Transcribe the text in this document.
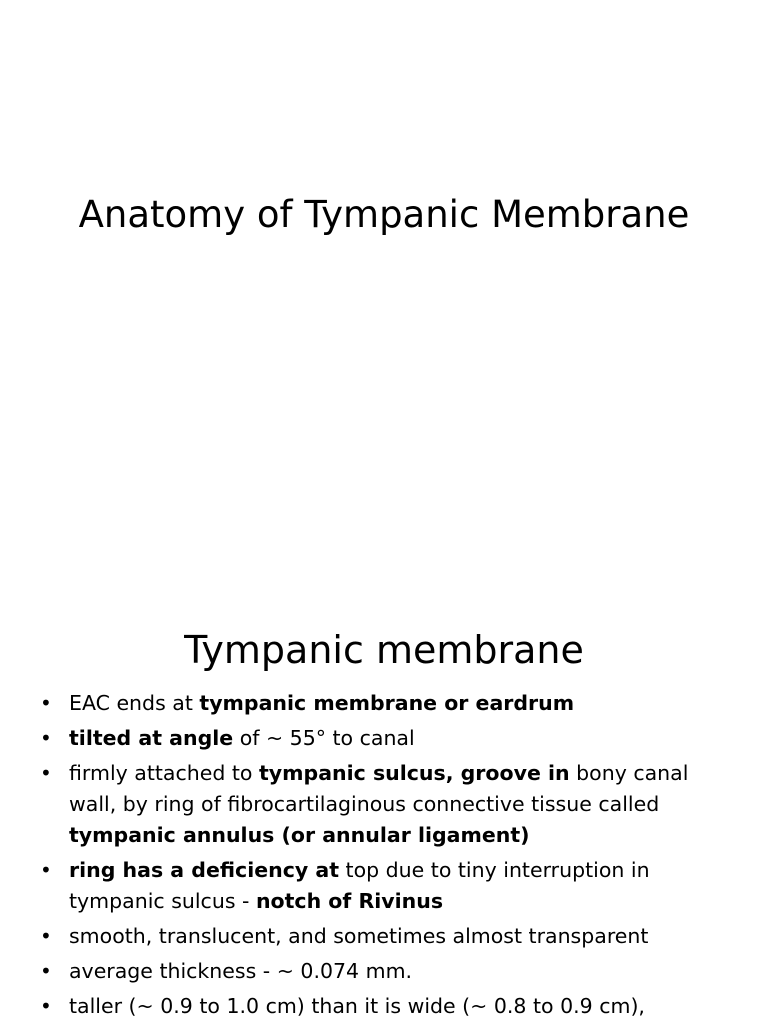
Anatomy of Tympanic Membrane
Tympanic membrane
• EAC ends at tympanic membrane or eardrum
• tilted at angle of ~ 55° to canal
• firmly attached to tympanic sulcus, groove in bony canal
wall, by ring of fibrocartilaginous connective tissue called
tympanic annulus (or annular ligament)
• ring has a deficiency at top due to tiny interruption in
tympanic sulcus - notch of Rivinus
• smooth, translucent, and sometimes almost transparent
• average thickness - ~ 0.074 mm.
• taller (~ 0.9 to 1.0 cm) than it is wide (~ 0.8 to 0.9 cm),
